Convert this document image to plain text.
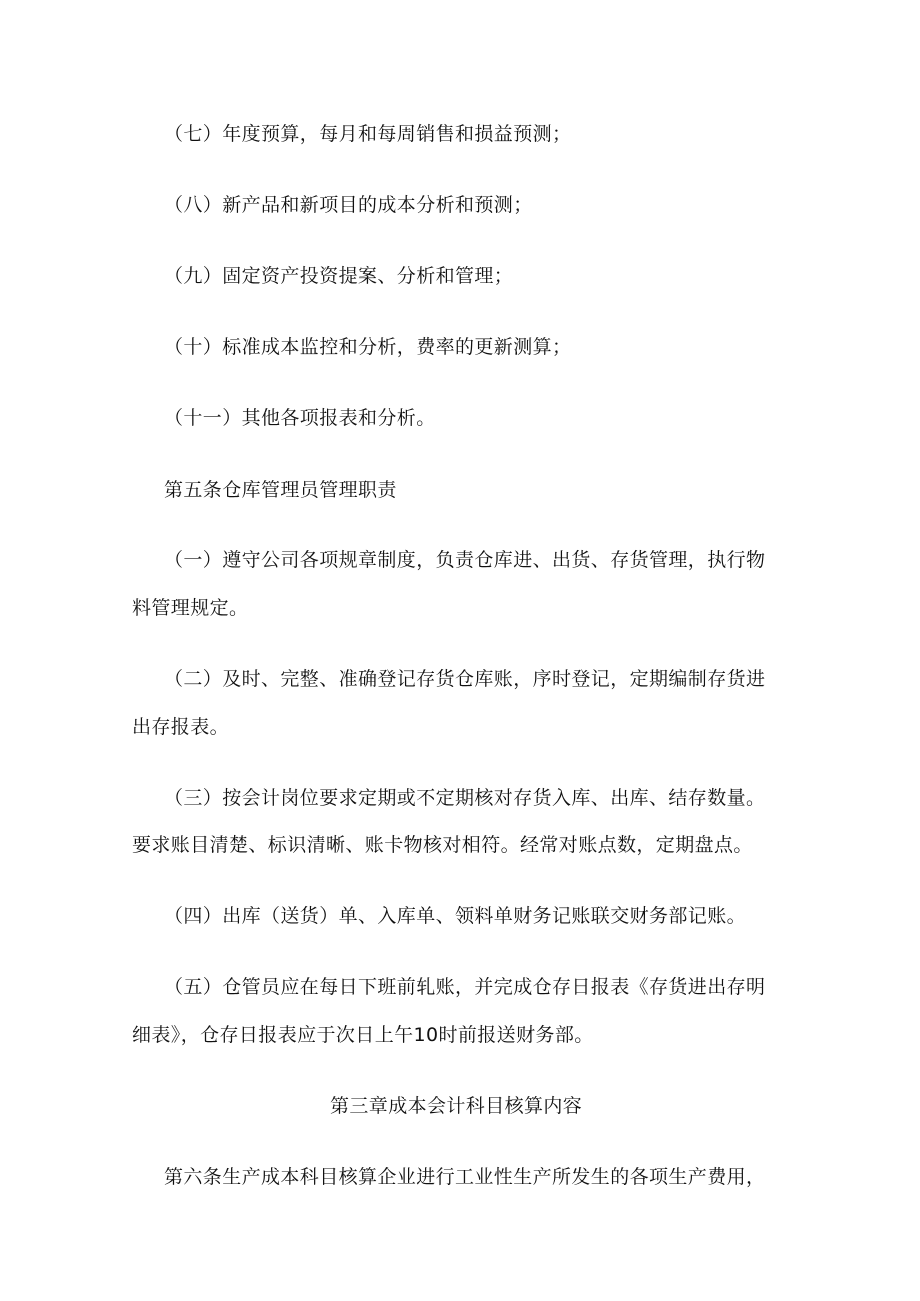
（七）年度预算，每月和每周销售和损益预测；
（八）新产品和新项目的成本分析和预测；
（九）固定资产投资提案、分析和管理；
（十）标准成本监控和分析，费率的更新测算；
（十一）其他各项报表和分析。
第五条仓库管理员管理职责
（一）遵守公司各项规章制度，负责仓库进、出货、存货管理，执行物
料管理规定。
（二）及时、完整、准确登记存货仓库账，序时登记，定期编制存货进
出存报表。
（三）按会计岗位要求定期或不定期核对存货入库、出库、结存数量。
要求账目清楚、标识清晰、账卡物核对相符。经常对账点数，定期盘点。
（四）出库（送货）单、入库单、领料单财务记账联交财务部记账。
（五）仓管员应在每日下班前轧账，并完成仓存日报表《存货进出存明
细表》，仓存日报表应于次日上午10时前报送财务部。
第三章成本会计科目核算内容
第六条生产成本科目核算企业进行工业性生产所发生的各项生产费用，
